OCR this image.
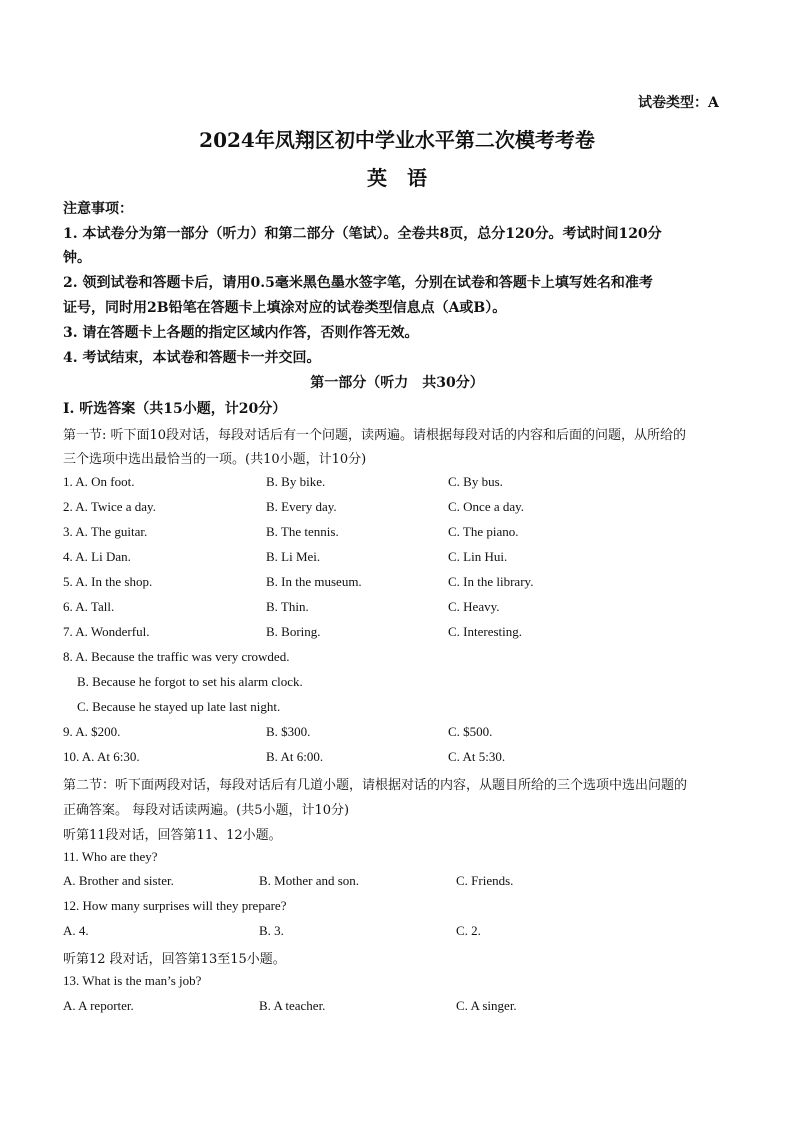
试卷类型：A
2024年凤翔区初中学业水平第二次模考考卷
英　语
注意事项：
1. 本试卷分为第一部分（听力）和第二部分（笔试）。全卷共8页，总分120分。考试时间120分
钟。
2. 领到试卷和答题卡后，请用0.5毫米黑色墨水签字笔，分别在试卷和答题卡上填写姓名和准考
证号，同时用2B铅笔在答题卡上填涂对应的试卷类型信息点（A或B）。
3. 请在答题卡上各题的指定区域内作答，否则作答无效。
4. 考试结束，本试卷和答题卡一并交回。
第一部分（听力　共30分）
Ⅰ. 听选答案（共15小题，计20分）
第一节: 听下面10段对话，每段对话后有一个问题，读两遍。请根据每段对话的内容和后面的问题，从所给的
三个选项中选出最恰当的一项。(共10小题，计10分)
1. A. On foot.	B. By bike.	C. By bus.
2. A. Twice a day.	B. Every day.	C. Once a day.
3. A. The guitar.	B. The tennis.	C. The piano.
4. A. Li Dan.	B. Li Mei.	C. Lin Hui.
5. A. In the shop.	B. In the museum.	C. In the library.
6. A. Tall.	B. Thin.	C. Heavy.
7. A. Wonderful.	B. Boring.	C. Interesting.
8. A. Because the traffic was very crowded.
B. Because he forgot to set his alarm clock.
C. Because he stayed up late last night.
9. A. $200.	B. $300.	C. $500.
10. A. At 6:30.	B. At 6:00.	C. At 5:30.
第二节：听下面两段对话，每段对话后有几道小题，请根据对话的内容，从题目所给的三个选项中选出问题的
正确答案。 每段对话读两遍。(共5小题，计10分)
听第11段对话，回答第11、12小题。
11. Who are they?
A. Brother and sister.	B. Mother and son.	C. Friends.
12. How many surprises will they prepare?
A. 4.	B. 3.	C. 2.
听第12 段对话，回答第13至15小题。
13. What is the man’s job?
A. A reporter.	B. A teacher.	C. A singer.
